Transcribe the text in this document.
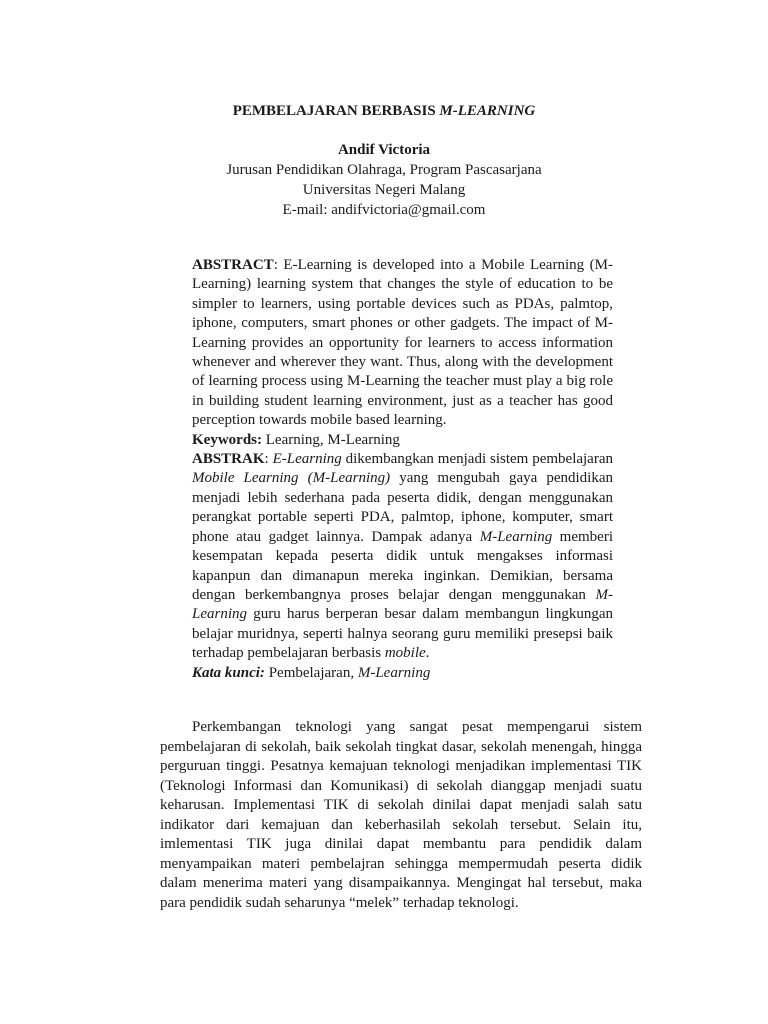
PEMBELAJARAN BERBASIS M-LEARNING
Andif Victoria
Jurusan Pendidikan Olahraga, Program Pascasarjana
Universitas Negeri Malang
E-mail: andifvictoria@gmail.com

ABSTRACT: E-Learning is developed into a Mobile Learning (M-Learning) learning system that changes the style of education to be simpler to learners, using portable devices such as PDAs, palmtop, iphone, computers, smart phones or other gadgets. The impact of M-Learning provides an opportunity for learners to access information whenever and wherever they want. Thus, along with the development of learning process using M-Learning the teacher must play a big role in building student learning environment, just as a teacher has good perception towards mobile based learning.

Keywords: Learning, M-Learning

ABSTRAK: E-Learning dikembangkan menjadi sistem pembelajaran Mobile Learning (M-Learning) yang mengubah gaya pendidikan menjadi lebih sederhana pada peserta didik, dengan menggunakan perangkat portable seperti PDA, palmtop, iphone, komputer, smart phone atau gadget lainnya. Dampak adanya M-Learning memberi kesempatan kepada peserta didik untuk mengakses informasi kapanpun dan dimanapun mereka inginkan. Demikian, bersama dengan berkembangnya proses belajar dengan menggunakan M-Learning guru harus berperan besar dalam membangun lingkungan belajar muridnya, seperti halnya seorang guru memiliki presepsi baik terhadap pembelajaran berbasis mobile.

Kata kunci: Pembelajaran, M-Learning

Perkembangan teknologi yang sangat pesat mempengarui sistem pembelajaran di sekolah, baik sekolah tingkat dasar, sekolah menengah, hingga perguruan tinggi. Pesatnya kemajuan teknologi menjadikan implementasi TIK (Teknologi Informasi dan Komunikasi) di sekolah dianggap menjadi suatu keharusan. Implementasi TIK di sekolah dinilai dapat menjadi salah satu indikator dari kemajuan dan keberhasilah sekolah tersebut. Selain itu, imlementasi TIK juga dinilai dapat membantu para pendidik dalam menyampaikan materi pembelajran sehingga mempermudah peserta didik dalam menerima materi yang disampaikannya. Mengingat hal tersebut, maka para pendidik sudah seharunya “melek” terhadap teknologi.
